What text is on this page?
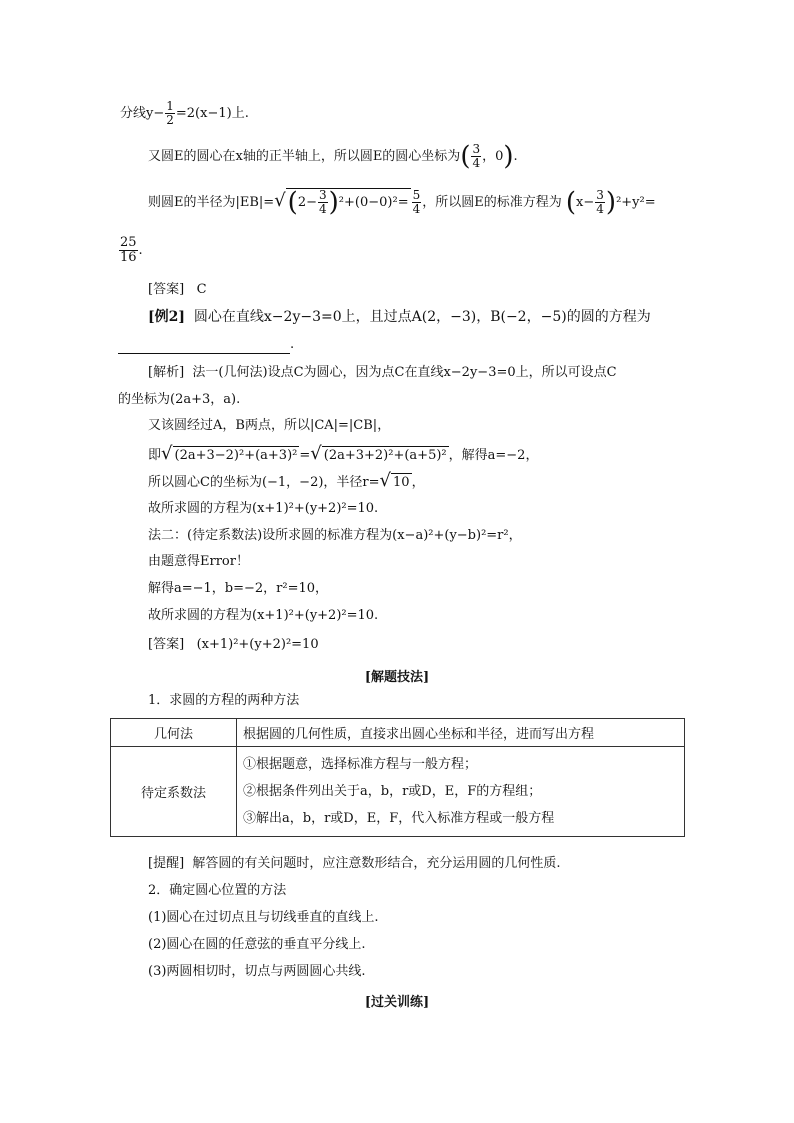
分线$y- \frac{1}{2} =2(x-1)$上.
又圆E的圆心在x轴的正半轴上，所以圆E的圆心坐标为( $\frac{3}{4}$ ，0).
则圆E的半径为$|EB|=√(2- \frac{3}{4} )^2+(0-0)^2= \frac{5}{4}$ ，所以圆E的标准方程为 $(x- \frac{3}{4} )^2+y^2=$
$\frac{25}{16}$ .
[答案] C
[例2] 圆心在直线x−2y−3=0上，且过点A(2，−3)，B(−2，−5)的圆的方程为
.
[解析] 法一(几何法)设点C为圆心，因为点C在直线x−2y−3=0上，所以可设点C
的坐标为(2a+3，a).
又该圆经过A，B两点，所以|CA|=|CB|，
即√ (2a+3−2)²+(a+3)² =√ (2a+3+2)²+(a+5)² ，解得a=−2，
所以圆心C的坐标为(−1，−2)，半径r=√ 10 ，
故所求圆的方程为(x+1)²+(y+2)²=10.
法二：(待定系数法)设所求圆的标准方程为(x−a)²+(y−b)²=r²，
由题意得Error！
解得a=−1，b=−2，r²=10，
故所求圆的方程为(x+1)²+(y+2)²=10.
[答案] (x+1)²+(y+2)²=10
[解题技法]
1．求圆的方程的两种方法
几何法	根据圆的几何性质，直接求出圆心坐标和半径，进而写出方程
待定系数法	①根据题意，选择标准方程与一般方程；
②根据条件列出关于a，b，r或D，E，F的方程组；
③解出a，b，r或D，E，F，代入标准方程或一般方程
[提醒] 解答圆的有关问题时，应注意数形结合，充分运用圆的几何性质.
2．确定圆心位置的方法
(1)圆心在过切点且与切线垂直的直线上.
(2)圆心在圆的任意弦的垂直平分线上.
(3)两圆相切时，切点与两圆圆心共线.
[过关训练]
